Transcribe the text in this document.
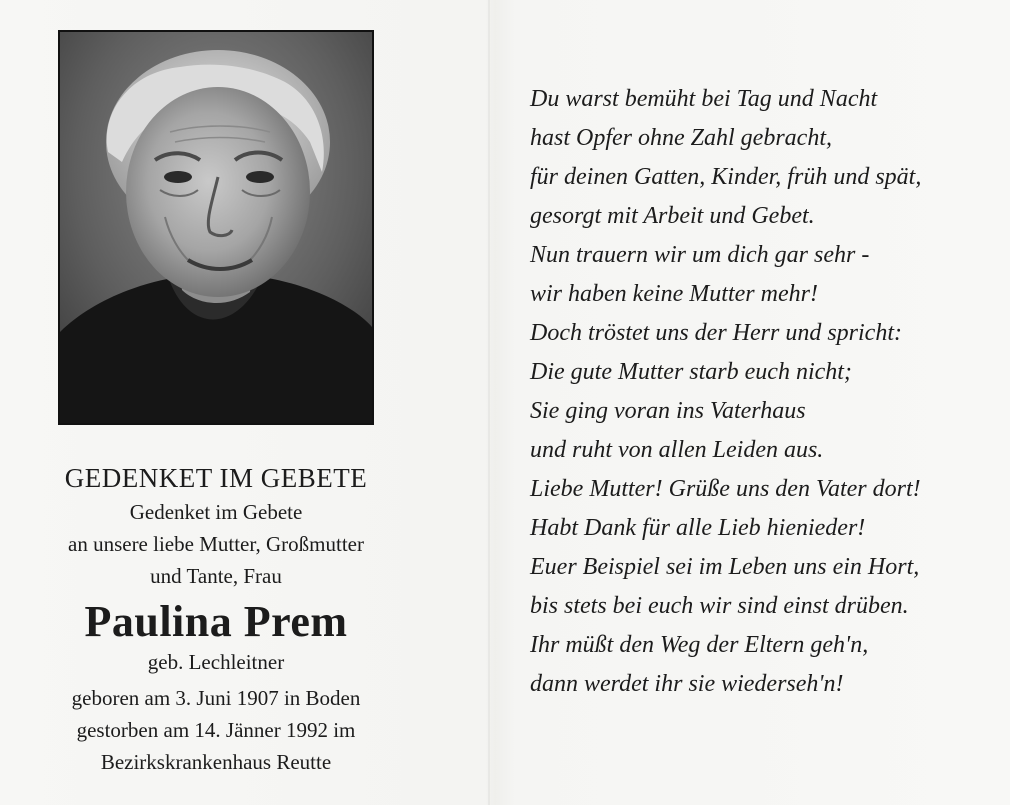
GEDENKET IM GEBETE
Gedenket im Gebete
an unsere liebe Mutter, Großmutter
und Tante, Frau
Paulina Prem
geb. Lechleitner
geboren am 3. Juni 1907 in Boden
gestorben am 14. Jänner 1992 im
Bezirkskrankenhaus Reutte
Du warst bemüht bei Tag und Nacht
hast Opfer ohne Zahl gebracht,
für deinen Gatten, Kinder, früh und spät,
gesorgt mit Arbeit und Gebet.
Nun trauern wir um dich gar sehr -
wir haben keine Mutter mehr!
Doch tröstet uns der Herr und spricht:
Die gute Mutter starb euch nicht;
Sie ging voran ins Vaterhaus
und ruht von allen Leiden aus.
Liebe Mutter! Grüße uns den Vater dort!
Habt Dank für alle Lieb hienieder!
Euer Beispiel sei im Leben uns ein Hort,
bis stets bei euch wir sind einst drüben.
Ihr müßt den Weg der Eltern geh'n,
dann werdet ihr sie wiederseh'n!
